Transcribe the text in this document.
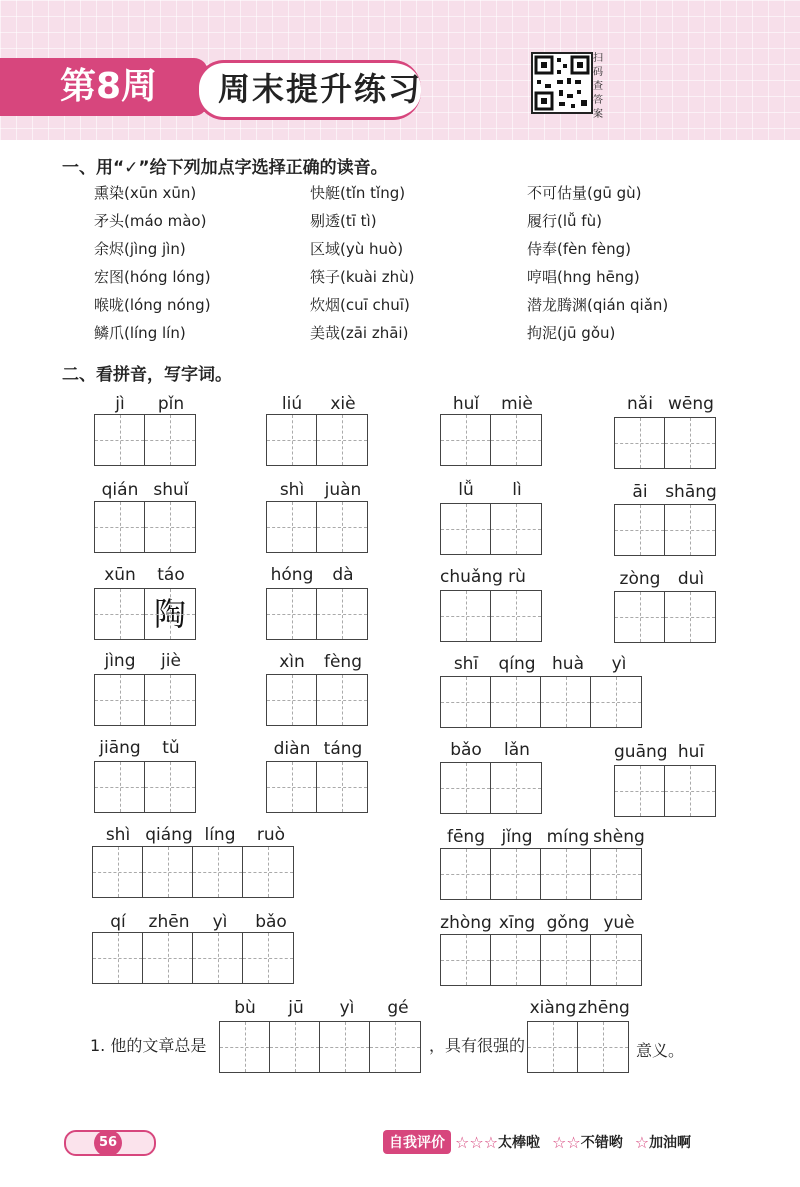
第8周 周末提升练习
扫码查答案
一、用“✓”给下列加点字选择正确的读音。
熏染(xūn xūn)	快艇(tǐn tǐng)	不可估量(gū gù)
矛头(máo mào)	剔透(tī tì)	履行(lǚ fù)
余烬(jìng jìn)	区域(yù huò)	侍奉(fèn fèng)
宏图(hóng lóng)	筷子(kuài zhù)	哼唱(hng hēng)
喉咙(lóng nóng)	炊烟(cuī chuī)	潜龙腾渊(qián qiǎn)
鳞爪(líng lín)	美哉(zāi zhāi)	拘泥(jū gǒu)
二、看拼音，写字词。
jì	pǐn	liú	xiè	huǐ	miè	nǎi wēng
qián shuǐ	shì	juàn	lǚ	lì	āi	shāng
xūn	táo
陶
hóng	dà	chuǎng rù	zòng	duì
jìng	jiè	xìn	fèng	shī	qíng huà	yì
jiāng	tǔ	diàn táng	bǎo	lǎn	guāng huī
shì qiáng líng	ruò	fēng jǐng míng shèng
qí	zhēn	yì	bǎo	zhòng xīng gǒng yuè
1. 他的文章总是	，具有很强的	意义。
bù	jū	yì	gé	xiàng zhēng
56	自我评价 ☆ ☆ ☆ 太棒啦 ☆ ☆ 不错哟 ☆ 加油啊
